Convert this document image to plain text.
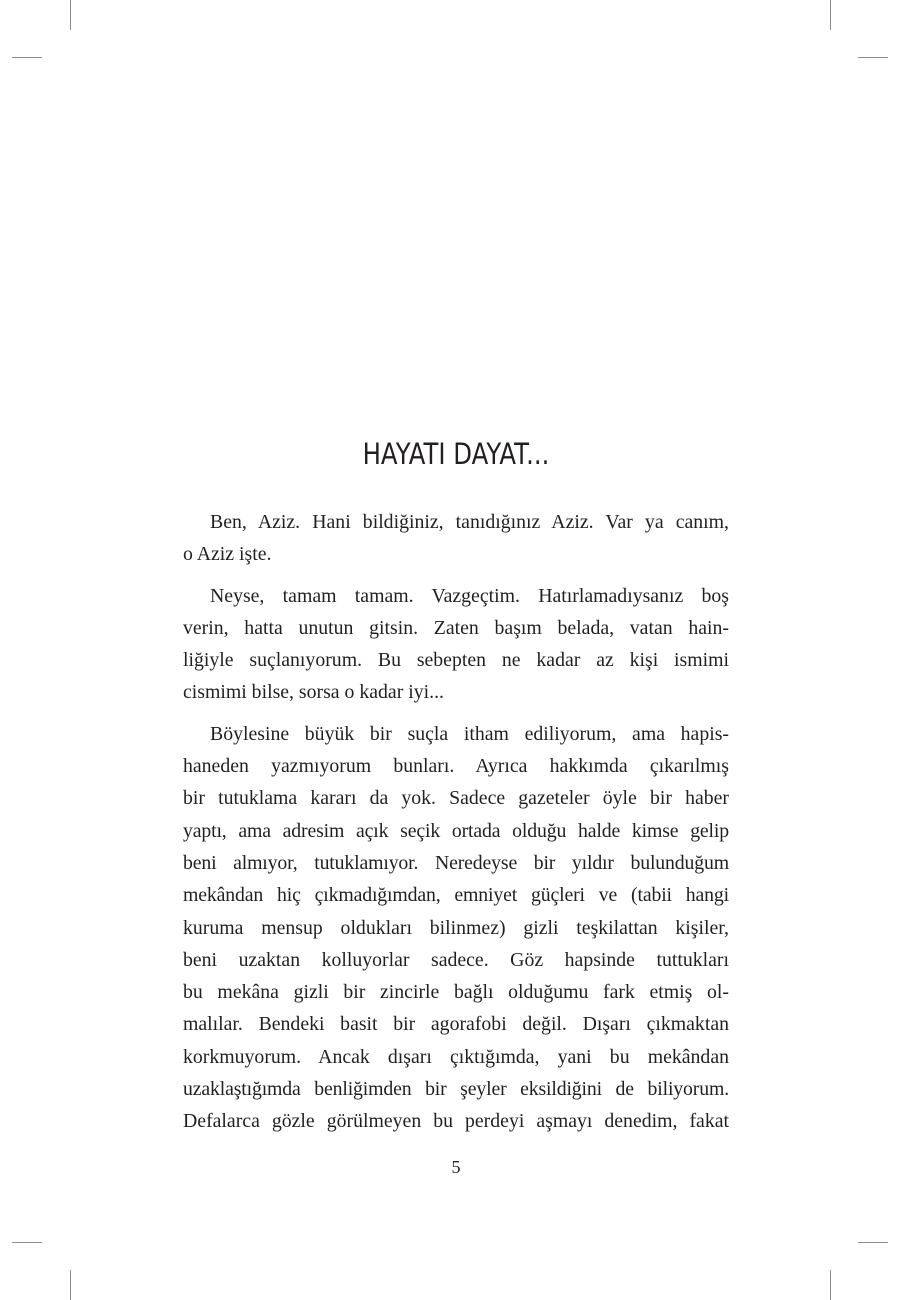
HAYATI DAYAT...

Ben, Aziz. Hani bildiğiniz, tanıdığınız Aziz. Var ya canım,
o Aziz işte.

Neyse, tamam tamam. Vazgeçtim. Hatırlamadıysanız boş
verin, hatta unutun gitsin. Zaten başım belada, vatan hain-
liğiyle suçlanıyorum. Bu sebepten ne kadar az kişi ismimi
cismimi bilse, sorsa o kadar iyi...

Böylesine büyük bir suçla itham ediliyorum, ama hapis-
haneden yazmıyorum bunları. Ayrıca hakkımda çıkarılmış
bir tutuklama kararı da yok. Sadece gazeteler öyle bir haber
yaptı, ama adresim açık seçik ortada olduğu halde kimse gelip
beni almıyor, tutuklamıyor. Neredeyse bir yıldır bulunduğum
mekândan hiç çıkmadığımdan, emniyet güçleri ve (tabii hangi
kuruma mensup oldukları bilinmez) gizli teşkilattan kişiler,
beni uzaktan kolluyorlar sadece. Göz hapsinde tuttukları
bu mekâna gizli bir zincirle bağlı olduğumu fark etmiş ol-
malılar. Bendeki basit bir agorafobi değil. Dışarı çıkmaktan
korkmuyorum. Ancak dışarı çıktığımda, yani bu mekândan
uzaklaştığımda benliğimden bir şeyler eksildiğini de biliyorum.
Defalarca gözle görülmeyen bu perdeyi aşmayı denedim, fakat

5
